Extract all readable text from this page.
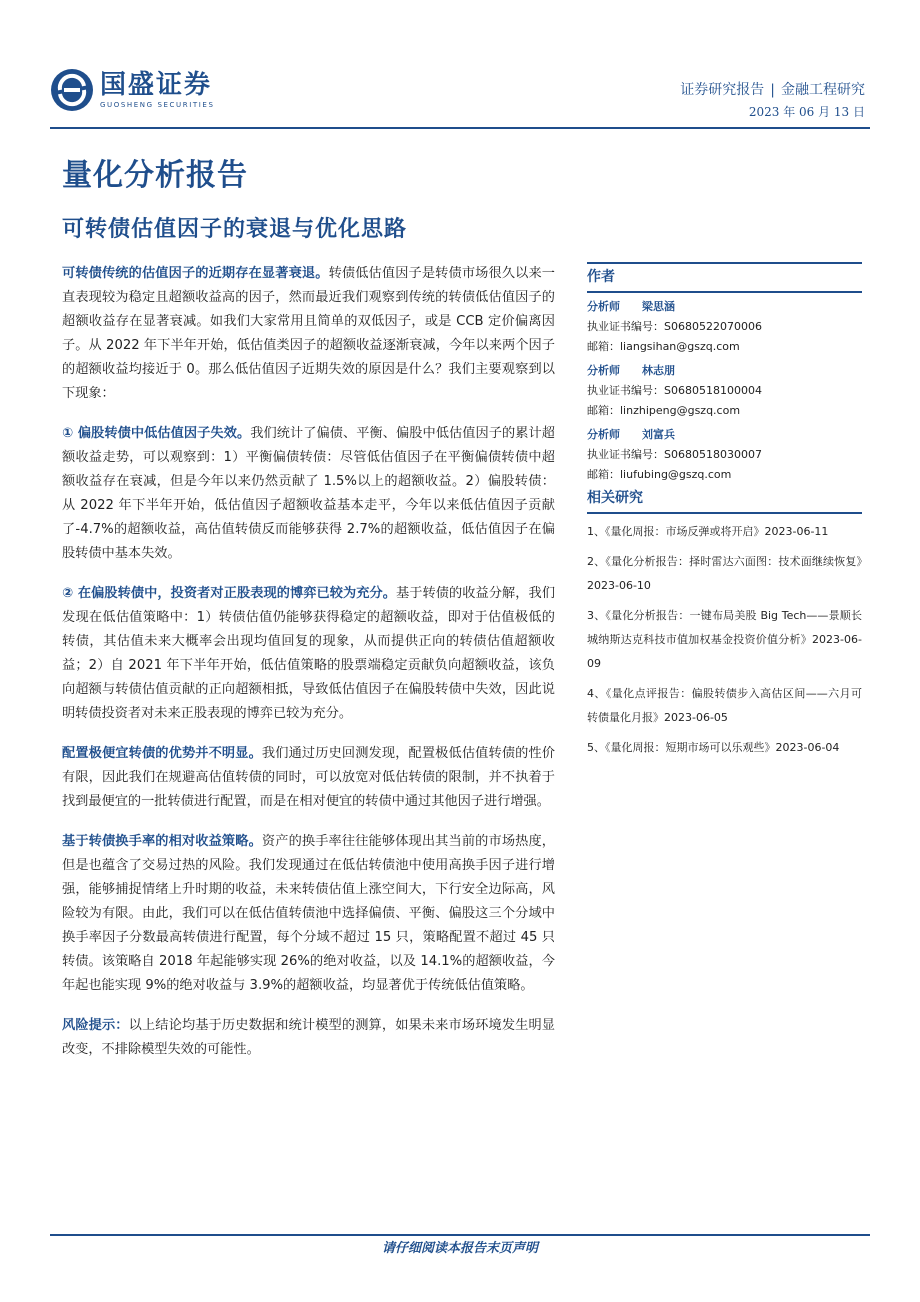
国盛证券
GUOSHENG SECURITIES
证券研究报告 | 金融工程研究
2023 年 06 月 13 日
量化分析报告
可转债估值因子的衰退与优化思路

可转债传统的估值因子的近期存在显著衰退。转债低估值因子是转债市场很久以来一直表现较为稳定且超额收益高的因子，然而最近我们观察到传统的转债低估值因子的超额收益存在显著衰减。如我们大家常用且简单的双低因子，或是 CCB 定价偏离因子。从 2022 年下半年开始，低估值类因子的超额收益逐渐衰减，今年以来两个因子的超额收益均接近于 0。那么低估值因子近期失效的原因是什么？我们主要观察到以下现象：

① 偏股转债中低估值因子失效。我们统计了偏债、平衡、偏股中低估值因子的累计超额收益走势，可以观察到：1）平衡偏债转债：尽管低估值因子在平衡偏债转债中超额收益存在衰减，但是今年以来仍然贡献了 1.5%以上的超额收益。2）偏股转债：从 2022 年下半年开始，低估值因子超额收益基本走平，今年以来低估值因子贡献了-4.7%的超额收益，高估值转债反而能够获得 2.7%的超额收益，低估值因子在偏股转债中基本失效。

② 在偏股转债中，投资者对正股表现的博弈已较为充分。基于转债的收益分解，我们发现在低估值策略中：1）转债估值仍能够获得稳定的超额收益，即对于估值极低的转债，其估值未来大概率会出现均值回复的现象，从而提供正向的转债估值超额收益；2）自 2021 年下半年开始，低估值策略的股票端稳定贡献负向超额收益，该负向超额与转债估值贡献的正向超额相抵，导致低估值因子在偏股转债中失效，因此说明转债投资者对未来正股表现的博弈已较为充分。

配置极便宜转债的优势并不明显。我们通过历史回测发现，配置极低估值转债的性价有限，因此我们在规避高估值转债的同时，可以放宽对低估转债的限制，并不执着于找到最便宜的一批转债进行配置，而是在相对便宜的转债中通过其他因子进行增强。

基于转债换手率的相对收益策略。资产的换手率往往能够体现出其当前的市场热度，但是也蕴含了交易过热的风险。我们发现通过在低估转债池中使用高换手因子进行增强，能够捕捉情绪上升时期的收益，未来转债估值上涨空间大，下行安全边际高，风险较为有限。由此，我们可以在低估值转债池中选择偏债、平衡、偏股这三个分域中换手率因子分数最高转债进行配置，每个分域不超过 15 只，策略配置不超过 45 只转债。该策略自 2018 年起能够实现 26%的绝对收益，以及 14.1%的超额收益，今年起也能实现 9%的绝对收益与 3.9%的超额收益，均显著优于传统低估值策略。

风险提示：以上结论均基于历史数据和统计模型的测算，如果未来市场环境发生明显改变，不排除模型失效的可能性。

作者
分析师 梁思涵
执业证书编号：S0680522070006
邮箱：liangsihan@gszq.com
分析师 林志朋
执业证书编号：S0680518100004
邮箱：linzhipeng@gszq.com
分析师 刘富兵
执业证书编号：S0680518030007
邮箱：liufubing@gszq.com
相关研究
1、《量化周报：市场反弹或将开启》2023-06-11
2、《量化分析报告：择时雷达六面图：技术面继续恢复》2023-06-10
3、《量化分析报告：一键布局美股 Big Tech——景顺长城纳斯达克科技市值加权基金投资价值分析》2023-06-09
4、《量化点评报告：偏股转债步入高估区间——六月可转债量化月报》2023-06-05
5、《量化周报：短期市场可以乐观些》2023-06-04
请仔细阅读本报告末页声明
